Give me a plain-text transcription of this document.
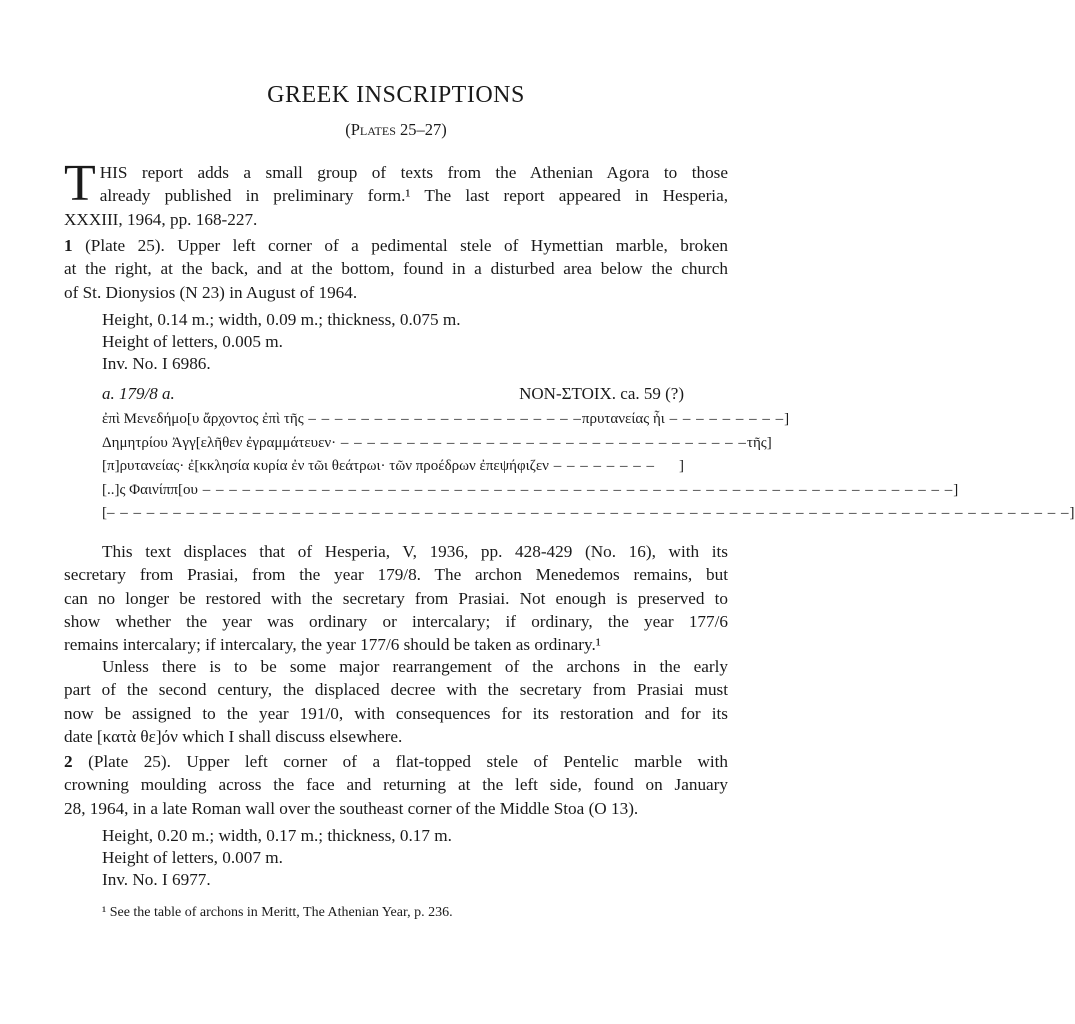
GREEK INSCRIPTIONS
(Plates 25–27)
T HIS report adds a small group of texts from the Athenian Agora to those
already published in preliminary form.¹ The last report appeared in Hesperia,
XXXIII, 1964, pp. 168-227.
1 (Plate 25). Upper left corner of a pedimental stele of Hymettian marble, broken
at the right, at the back, and at the bottom, found in a disturbed area below the church
of St. Dionysios (N 23) in August of 1964.
Height, 0.14 m.; width, 0.09 m.; thickness, 0.075 m.
Height of letters, 0.005 m.
Inv. No. I 6986.
a. 179/8 a.	NON-ΣΤΟΙΧ. ca. 59 (?)
ἐπὶ Μενεδήμο[υ ἄρχοντος ἐπὶ τῆς – – – – – – – – – – – – – – – – – – – – – πρυτανείας ἧι – – – – – – – – – ]
Δημητρίου Ἀγγ[ελῆθεν ἐγραμμάτευεν· – – – – – – – – – – – – – – – – – – – – – – – – – – – – – – – τῆς ]
[π]ρυτανείας· ἐ[κκλησία κυρία ἐν τῶι θεάτρωι· τῶν προέδρων ἐπεψήφιζεν – – – – – – – –	]
[..]ς Φαινίππ[ου – – – – – – – – – – – – – – – – – – – – – – – – – – – – – – – – – – – – – – – – – – – – – – – – – – – – – – – – – ]
[ – – – – – – – – – – – – – – – – – – – – – – – – – – – – – – – – – – – – – – – – – – – – – – – – – – – – – – – – – – – – – – – – – – – – – – – – – ]
This text displaces that of Hesperia, V, 1936, pp. 428-429 (No. 16), with its
secretary from Prasiai, from the year 179/8. The archon Menedemos remains, but
can no longer be restored with the secretary from Prasiai. Not enough is preserved to
show whether the year was ordinary or intercalary; if ordinary, the year 177/6
remains intercalary; if intercalary, the year 177/6 should be taken as ordinary.¹
Unless there is to be some major rearrangement of the archons in the early
part of the second century, the displaced decree with the secretary from Prasiai must
now be assigned to the year 191/0, with consequences for its restoration and for its
date [κατὰ θε]όν which I shall discuss elsewhere.
2 (Plate 25). Upper left corner of a flat-topped stele of Pentelic marble with
crowning moulding across the face and returning at the left side, found on January
28, 1964, in a late Roman wall over the southeast corner of the Middle Stoa (O 13).
Height, 0.20 m.; width, 0.17 m.; thickness, 0.17 m.
Height of letters, 0.007 m.
Inv. No. I 6977.
¹ See the table of archons in Meritt, The Athenian Year, p. 236.
